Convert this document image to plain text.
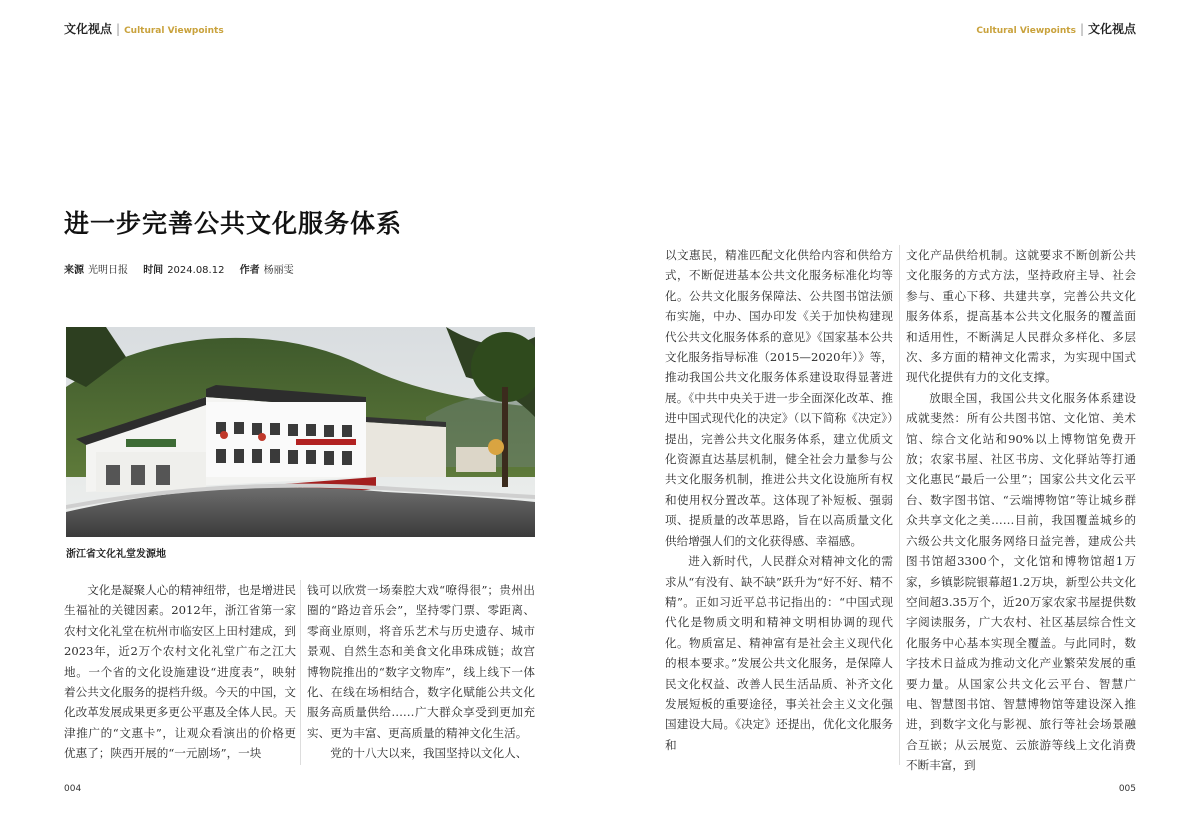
文化视点 | Cultural Viewpoints	Cultural Viewpoints | 文化视点
进一步完善公共文化服务体系
来源 光明日报 时间 2024.08.12 作者 杨丽雯
浙江省文化礼堂发源地

文化是凝聚人心的精神纽带，也是增进民生福祉的关键因素。2012年，浙江省第一家农村文化礼堂在杭州市临安区上田村建成，到2023年，近2万个农村文化礼堂广布之江大地。一个省的文化设施建设“进度表”，映射着公共文化服务的提档升级。今天的中国，文化改革发展成果更多更公平惠及全体人民。天津推广的“文惠卡”，让观众看演出的价格更优惠了；陕西开展的“一元剧场”，一块

钱可以欣赏一场秦腔大戏“嘹得很”；贵州出圈的“路边音乐会”，坚持零门票、零距离、零商业原则，将音乐艺术与历史遗存、城市景观、自然生态和美食文化串珠成链；故宫博物院推出的“数字文物库”，线上线下一体化、在线在场相结合，数字化赋能公共文化服务高质量供给……广大群众享受到更加充实、更为丰富、更高质量的精神文化生活。

党的十八大以来，我国坚持以文化人、

以文惠民，精准匹配文化供给内容和供给方式，不断促进基本公共文化服务标准化均等化。公共文化服务保障法、公共图书馆法颁布实施，中办、国办印发《关于加快构建现代公共文化服务体系的意见》《国家基本公共文化服务指导标准（2015—2020年）》等，推动我国公共文化服务体系建设取得显著进展。《中共中央关于进一步全面深化改革、推进中国式现代化的决定》（以下简称《决定》）提出，完善公共文化服务体系，建立优质文化资源直达基层机制，健全社会力量参与公共文化服务机制，推进公共文化设施所有权和使用权分置改革。这体现了补短板、强弱项、提质量的改革思路，旨在以高质量文化供给增强人们的文化获得感、幸福感。

进入新时代，人民群众对精神文化的需求从“有没有、缺不缺”跃升为“好不好、精不精”。正如习近平总书记指出的：“中国式现代化是物质文明和精神文明相协调的现代化。物质富足、精神富有是社会主义现代化的根本要求。”发展公共文化服务，是保障人民文化权益、改善人民生活品质、补齐文化发展短板的重要途径，事关社会主义文化强国建设大局。《决定》还提出，优化文化服务和

文化产品供给机制。这就要求不断创新公共文化服务的方式方法，坚持政府主导、社会参与、重心下移、共建共享，完善公共文化服务体系，提高基本公共文化服务的覆盖面和适用性，不断满足人民群众多样化、多层次、多方面的精神文化需求，为实现中国式现代化提供有力的文化支撑。

放眼全国，我国公共文化服务体系建设成就斐然：所有公共图书馆、文化馆、美术馆、综合文化站和90%以上博物馆免费开放；农家书屋、社区书房、文化驿站等打通文化惠民“最后一公里”；国家公共文化云平台、数字图书馆、“云端博物馆”等让城乡群众共享文化之美……目前，我国覆盖城乡的六级公共文化服务网络日益完善，建成公共图书馆超3300个，文化馆和博物馆超1万家，乡镇影院银幕超1.2万块，新型公共文化空间超3.35万个，近20万家农家书屋提供数字阅读服务，广大农村、社区基层综合性文化服务中心基本实现全覆盖。与此同时，数字技术日益成为推动文化产业繁荣发展的重要力量。从国家公共文化云平台、智慧广电、智慧图书馆、智慧博物馆等建设深入推进，到数字文化与影视、旅行等社会场景融合互嵌；从云展览、云旅游等线上文化消费不断丰富，到

004	005
